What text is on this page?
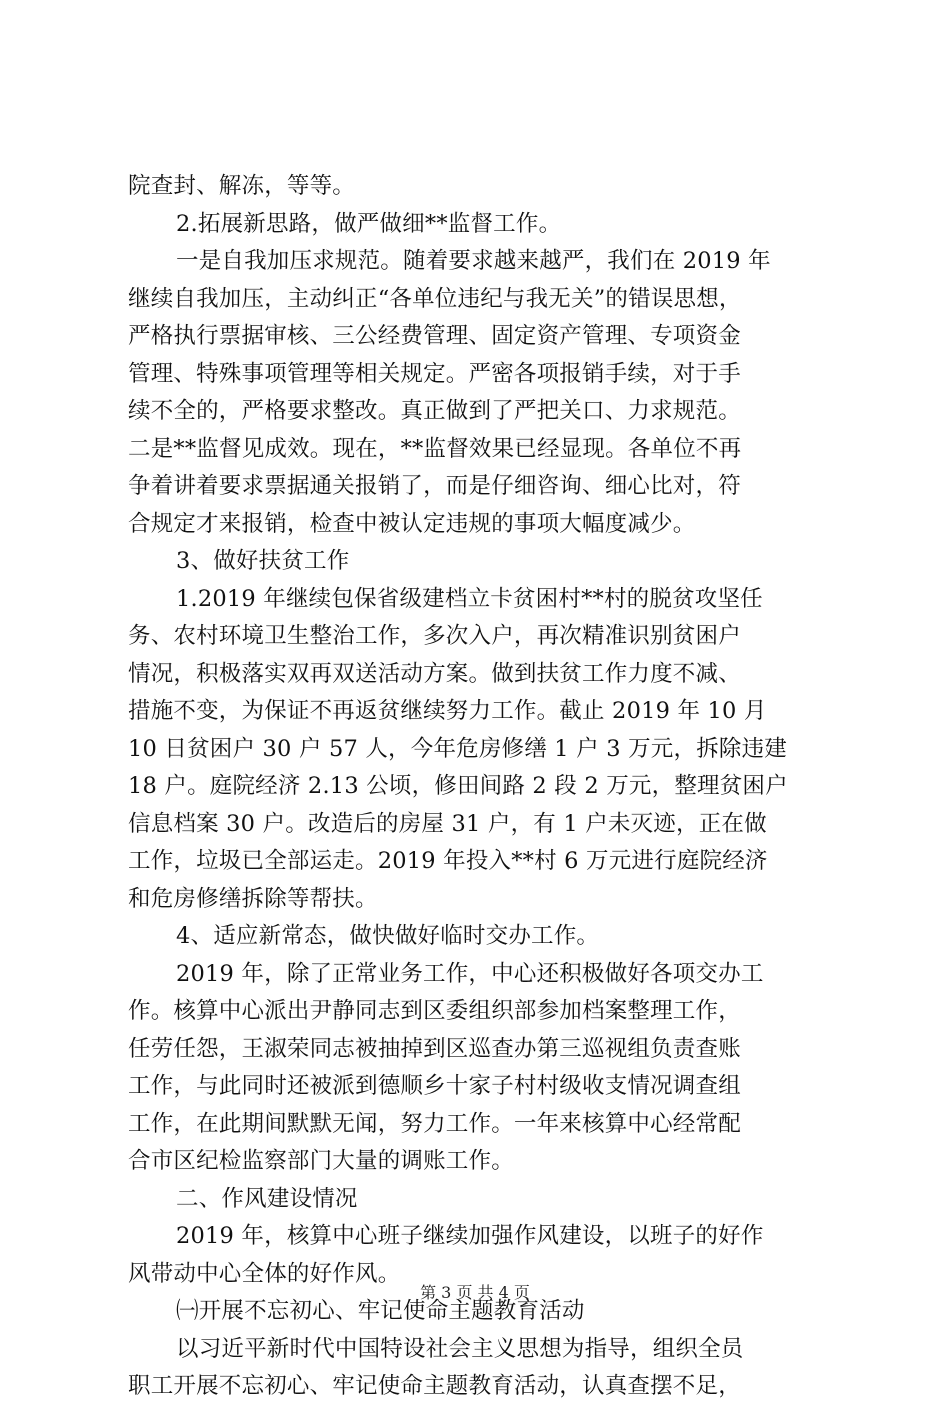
院查封、解冻，等等。
2.拓展新思路，做严做细**监督工作。
一是自我加压求规范。随着要求越来越严，我们在 2019 年
继续自我加压，主动纠正“各单位违纪与我无关”的错误思想，
严格执行票据审核、三公经费管理、固定资产管理、专项资金
管理、特殊事项管理等相关规定。严密各项报销手续，对于手
续不全的，严格要求整改。真正做到了严把关口、力求规范。
二是**监督见成效。现在，**监督效果已经显现。各单位不再
争着讲着要求票据通关报销了，而是仔细咨询、细心比对，符
合规定才来报销，检查中被认定违规的事项大幅度减少。
3、做好扶贫工作
1.2019 年继续包保省级建档立卡贫困村**村的脱贫攻坚任
务、农村环境卫生整治工作，多次入户，再次精准识别贫困户
情况，积极落实双再双送活动方案。做到扶贫工作力度不减、
措施不变，为保证不再返贫继续努力工作。截止 2019 年 10 月
10 日贫困户 30 户 57 人，今年危房修缮 1 户 3 万元，拆除违建
18 户。庭院经济 2.13 公顷，修田间路 2 段 2 万元，整理贫困户
信息档案 30 户。改造后的房屋 31 户，有 1 户未灭迹，正在做
工作，垃圾已全部运走。2019 年投入**村 6 万元进行庭院经济
和危房修缮拆除等帮扶。
4、适应新常态，做快做好临时交办工作。
2019 年，除了正常业务工作，中心还积极做好各项交办工
作。核算中心派出尹静同志到区委组织部参加档案整理工作，
任劳任怨，王淑荣同志被抽掉到区巡查办第三巡视组负责查账
工作，与此同时还被派到德顺乡十家子村村级收支情况调查组
工作，在此期间默默无闻，努力工作。一年来核算中心经常配
合市区纪检监察部门大量的调账工作。
二、作风建设情况
2019 年，核算中心班子继续加强作风建设，以班子的好作
风带动中心全体的好作风。
㈠开展不忘初心、牢记使命主题教育活动
以习近平新时代中国特设社会主义思想为指导，组织全员
职工开展不忘初心、牢记使命主题教育活动，认真查摆不足，
第 3 页 共 4 页
